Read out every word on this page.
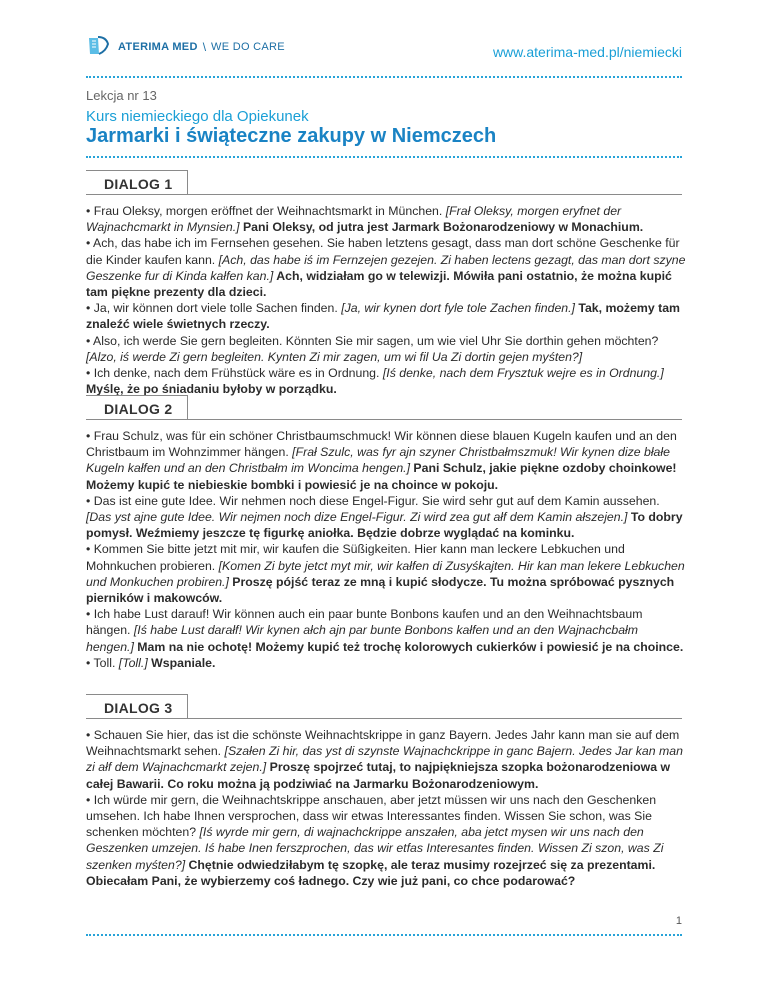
ATERIMA MED \ WE DO CARE	www.aterima-med.pl/niemiecki
Lekcja nr 13
Kurs niemieckiego dla Opiekunek
Jarmarki i świąteczne zakupy w Niemczech
DIALOG 1

• Frau Oleksy, morgen eröffnet der Weihnachtsmarkt in München. [Frał Oleksy, morgen eryfnet der Wajnachcmarkt in Mynsien.] Pani Oleksy, od jutra jest Jarmark Bożonarodzeniowy w Monachium.

• Ach, das habe ich im Fernsehen gesehen. Sie haben letztens gesagt, dass man dort schöne Geschenke für die Kinder kaufen kann. [Ach, das habe iś im Fernzejen gezejen. Zi haben lectens gezagt, das man dort szyne Geszenke fur di Kinda kałfen kan.] Ach, widziałam go w telewizji. Mówiła pani ostatnio, że można kupić tam piękne prezenty dla dzieci.

• Ja, wir können dort viele tolle Sachen finden. [Ja, wir kynen dort fyle tole Zachen finden.] Tak, możemy tam znaleźć wiele świetnych rzeczy.

• Also, ich werde Sie gern begleiten. Könnten Sie mir sagen, um wie viel Uhr Sie dorthin gehen möchten? [Alzo, iś werde Zi gern begleiten. Kynten Zi mir zagen, um wi fil Ua Zi dortin gejen myśten?]

• Ich denke, nach dem Frühstück wäre es in Ordnung. [Iś denke, nach dem Frysztuk wejre es in Ordnung.] Myślę, że po śniadaniu byłoby w porządku.

DIALOG 2

• Frau Schulz, was für ein schöner Christbaumschmuck! Wir können diese blauen Kugeln kaufen und an den Christbaum im Wohnzimmer hängen. [Frał Szulc, was fyr ajn szyner Christbałmszmuk! Wir kynen dize błałe Kugeln kałfen und an den Christbałm im Woncima hengen.] Pani Schulz, jakie piękne ozdoby choinkowe! Możemy kupić te niebieskie bombki i powiesić je na choince w pokoju.

• Das ist eine gute Idee. Wir nehmen noch diese Engel-Figur. Sie wird sehr gut auf dem Kamin aussehen. [Das yst ajne gute Idee. Wir nejmen noch dize Engel-Figur. Zi wird zea gut ałf dem Kamin ałszejen.] To dobry pomysł. Weźmiemy jeszcze tę figurkę aniołka. Będzie dobrze wyglądać na kominku.

• Kommen Sie bitte jetzt mit mir, wir kaufen die Süßigkeiten. Hier kann man leckere Lebkuchen und Mohnkuchen probieren. [Komen Zi byte jetct myt mir, wir kałfen di Zusyśkajten. Hir kan man lekere Lebkuchen und Monkuchen probiren.] Proszę pójść teraz ze mną i kupić słodycze. Tu można spróbować pysznych pierników i makowców.

• Ich habe Lust darauf! Wir können auch ein paar bunte Bonbons kaufen und an den Weihnachtsbaum hängen. [Iś habe Lust darałf! Wir kynen ałch ajn par bunte Bonbons kałfen und an den Wajnachcbałm hengen.] Mam na nie ochotę! Możemy kupić też trochę kolorowych cukierków i powiesić je na choince.

• Toll. [Toll.] Wspaniale.

DIALOG 3

• Schauen Sie hier, das ist die schönste Weihnachtskrippe in ganz Bayern. Jedes Jahr kann man sie auf dem Weihnachtsmarkt sehen. [Szałen Zi hir, das yst di szynste Wajnachckrippe in ganc Bajern. Jedes Jar kan man zi ałf dem Wajnachcmarkt zejen.] Proszę spojrzeć tutaj, to najpiękniejsza szopka bożonarodzeniowa w całej Bawarii. Co roku można ją podziwiać na Jarmarku Bożonarodzeniowym.

• Ich würde mir gern, die Weihnachtskrippe anschauen, aber jetzt müssen wir uns nach den Geschenken umsehen. Ich habe Ihnen versprochen, dass wir etwas Interessantes finden. Wissen Sie schon, was Sie schenken möchten? [Iś wyrde mir gern, di wajnachckrippe anszałen, aba jetct mysen wir uns nach den Geszenken umzejen. Iś habe Inen ferszprochen, das wir etfas Interesantes finden. Wissen Zi szon, was Zi szenken myśten?] Chętnie odwiedziłabym tę szopkę, ale teraz musimy rozejrzeć się za prezentami. Obiecałam Pani, że wybierzemy coś ładnego. Czy wie już pani, co chce podarować?

1
